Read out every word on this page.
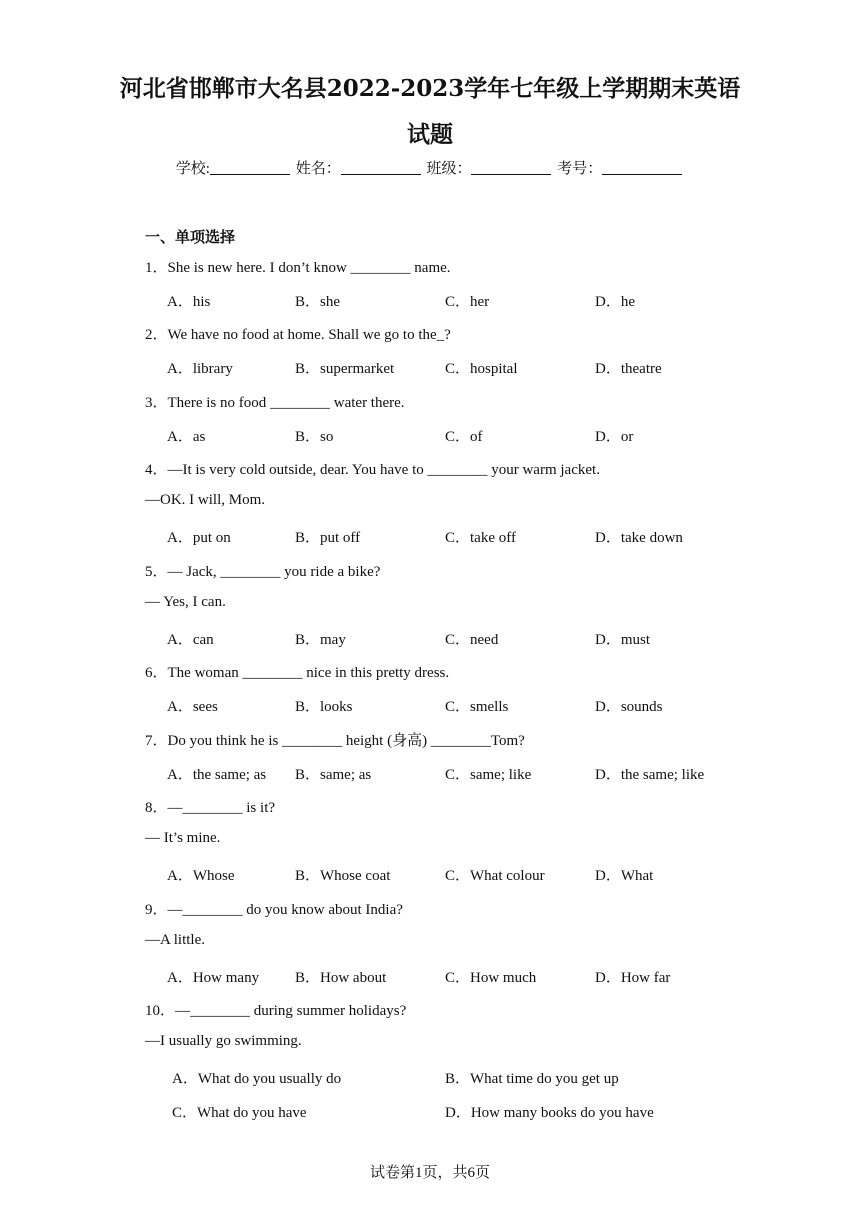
河北省邯郸市大名县2022-2023学年七年级上学期期末英语
试题
学校:	姓名：	班级：	考号：
一、单项选择
1．She is new here. I don’t know ________ name.
A．his	B．she	C．her	D．he
2．We have no food at home. Shall we go to the_?
A．library	B．supermarket	C．hospital	D．theatre
3．There is no food ________ water there.
A．as	B．so	C．of	D．or
4．—It is very cold outside, dear. You have to ________ your warm jacket.
—OK. I will, Mom.
A．put on	B．put off	C．take off	D．take down
5．— Jack, ________ you ride a bike?
— Yes, I can.
A．can	B．may	C．need	D．must
6．The woman ________ nice in this pretty dress.
A．sees	B．looks	C．smells	D．sounds
7．Do you think he is ________ height (身高) ________Tom?
A．the same; as B．same; as	C．same; like	D．the same; like
8．—________ is it?
— It’s mine.
A．Whose	B．Whose coat	C．What colour	D．What
9．—________ do you know about India?
—A little.
A．How many B．How about	C．How much	D．How far
10．—________ during summer holidays?
—I usually go swimming.
A．What do you usually do	B．What time do you get up
C．What do you have	D．How many books do you have
试卷第1页，共6页
